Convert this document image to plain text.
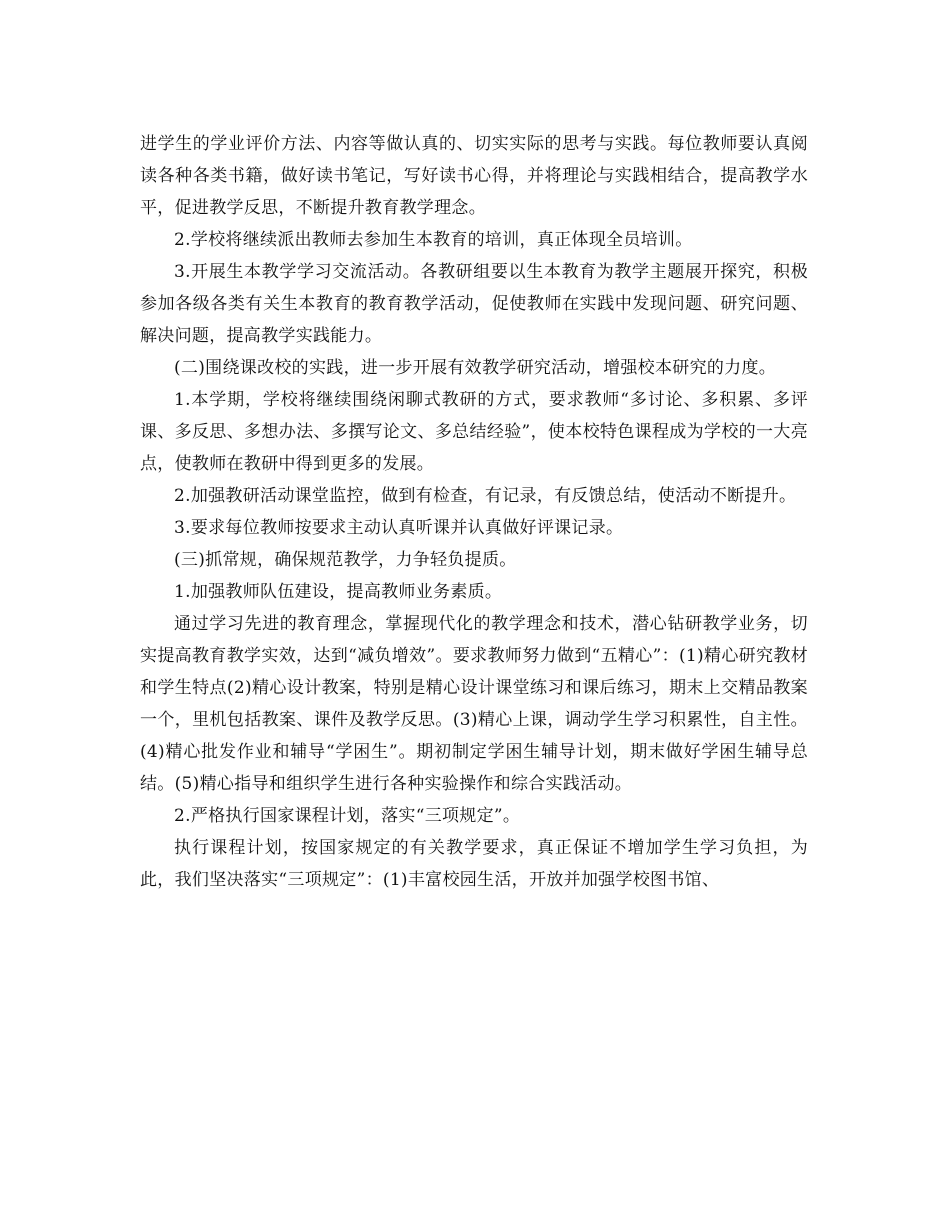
进学生的学业评价方法、内容等做认真的、切实实际的思考与实践。每位教师要认真阅读各种各类书籍，做好读书笔记，写好读书心得，并将理论与实践相结合，提高教学水平，促进教学反思，不断提升教育教学理念。

2.学校将继续派出教师去参加生本教育的培训，真正体现全员培训。

3.开展生本教学学习交流活动。各教研组要以生本教育为教学主题展开探究，积极参加各级各类有关生本教育的教育教学活动，促使教师在实践中发现问题、研究问题、解决问题，提高教学实践能力。

(二)围绕课改校的实践，进一步开展有效教学研究活动，增强校本研究的力度。

1.本学期，学校将继续围绕闲聊式教研的方式，要求教师“多讨论、多积累、多评课、多反思、多想办法、多撰写论文、多总结经验”，使本校特色课程成为学校的一大亮点，使教师在教研中得到更多的发展。

2.加强教研活动课堂监控，做到有检查，有记录，有反馈总结，使活动不断提升。

3.要求每位教师按要求主动认真听课并认真做好评课记录。

(三)抓常规，确保规范教学，力争轻负提质。

1.加强教师队伍建设，提高教师业务素质。

通过学习先进的教育理念，掌握现代化的教学理念和技术，潜心钻研教学业务，切实提高教育教学实效，达到“减负增效”。要求教师努力做到“五精心”：(1)精心研究教材和学生特点(2)精心设计教案，特别是精心设计课堂练习和课后练习，期末上交精品教案一个，里机包括教案、课件及教学反思。(3)精心上课，调动学生学习积累性，自主性。(4)精心批发作业和辅导“学困生”。期初制定学困生辅导计划，期末做好学困生辅导总结。(5)精心指导和组织学生进行各种实验操作和综合实践活动。

2.严格执行国家课程计划，落实“三项规定”。

执行课程计划，按国家规定的有关教学要求，真正保证不增加学生学习负担，为此，我们坚决落实“三项规定”：(1)丰富校园生活，开放并加强学校图书馆、
